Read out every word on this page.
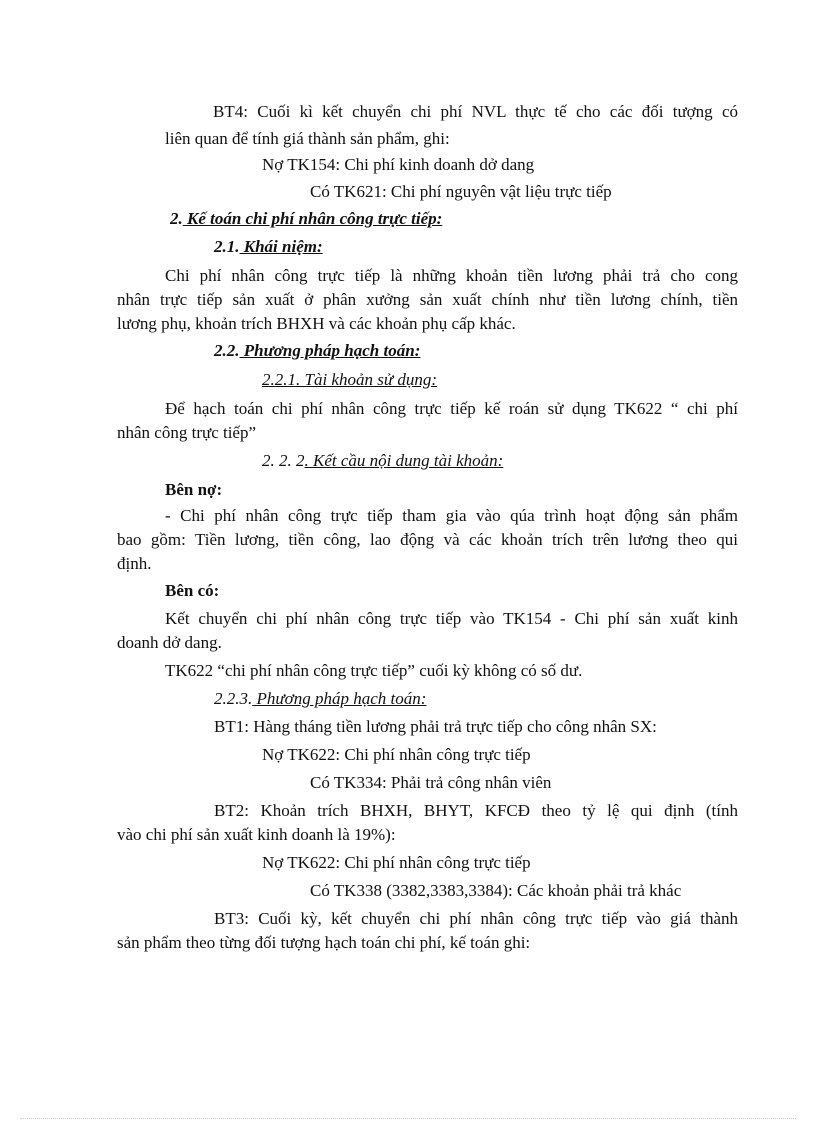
BT4: Cuối kì kết chuyển chi phí NVL thực tế cho các đối tượng có
liên quan để tính giá thành sản phẩm, ghi:
Nợ TK154: Chi phí kinh doanh dở dang
Có TK621: Chi phí nguyên vật liệu trực tiếp
2. Kế toán chi phí nhân công trực tiếp:
2.1. Khái niệm:
Chi phí nhân công trực tiếp là những khoản tiền lương phải trả cho cong
nhân trực tiếp sản xuất ở phân xưởng sản xuất chính như tiền lương chính, tiền
lương phụ, khoản trích BHXH và các khoản phụ cấp khác.
2.2. Phương pháp hạch toán:
2.2.1. Tài khoản sử dụng:
Để hạch toán chi phí nhân công trực tiếp kế roán sử dụng TK622 “ chi phí
nhân công trực tiếp”
2. 2. 2. Kết cầu nội dung tài khoản:
Bên nợ:
- Chi phí nhân công trực tiếp tham gia vào qúa trình hoạt động sản phẩm
bao gồm: Tiền lương, tiền công, lao động và các khoản trích trên lương theo qui
định.
Bên có:
Kết chuyển chi phí nhân công trực tiếp vào TK154 - Chi phí sản xuất kinh
doanh dở dang.
TK622 “chi phí nhân công trực tiếp” cuối kỳ không có số dư.
2.2.3. Phương pháp hạch toán:
BT1: Hàng tháng tiền lương phải trả trực tiếp cho công nhân SX:
Nợ TK622: Chi phí nhân công trực tiếp
Có TK334: Phải trả công nhân viên
BT2: Khoản trích BHXH, BHYT, KFCĐ theo tỷ lệ qui định (tính
vào chi phí sản xuất kinh doanh là 19%):
Nợ TK622: Chi phí nhân công trực tiếp
Có TK338 (3382,3383,3384): Các khoản phải trả khác
BT3: Cuối kỳ, kết chuyển chi phí nhân công trực tiếp vào giá thành
sản phẩm theo từng đối tượng hạch toán chi phí, kế toán ghi:
